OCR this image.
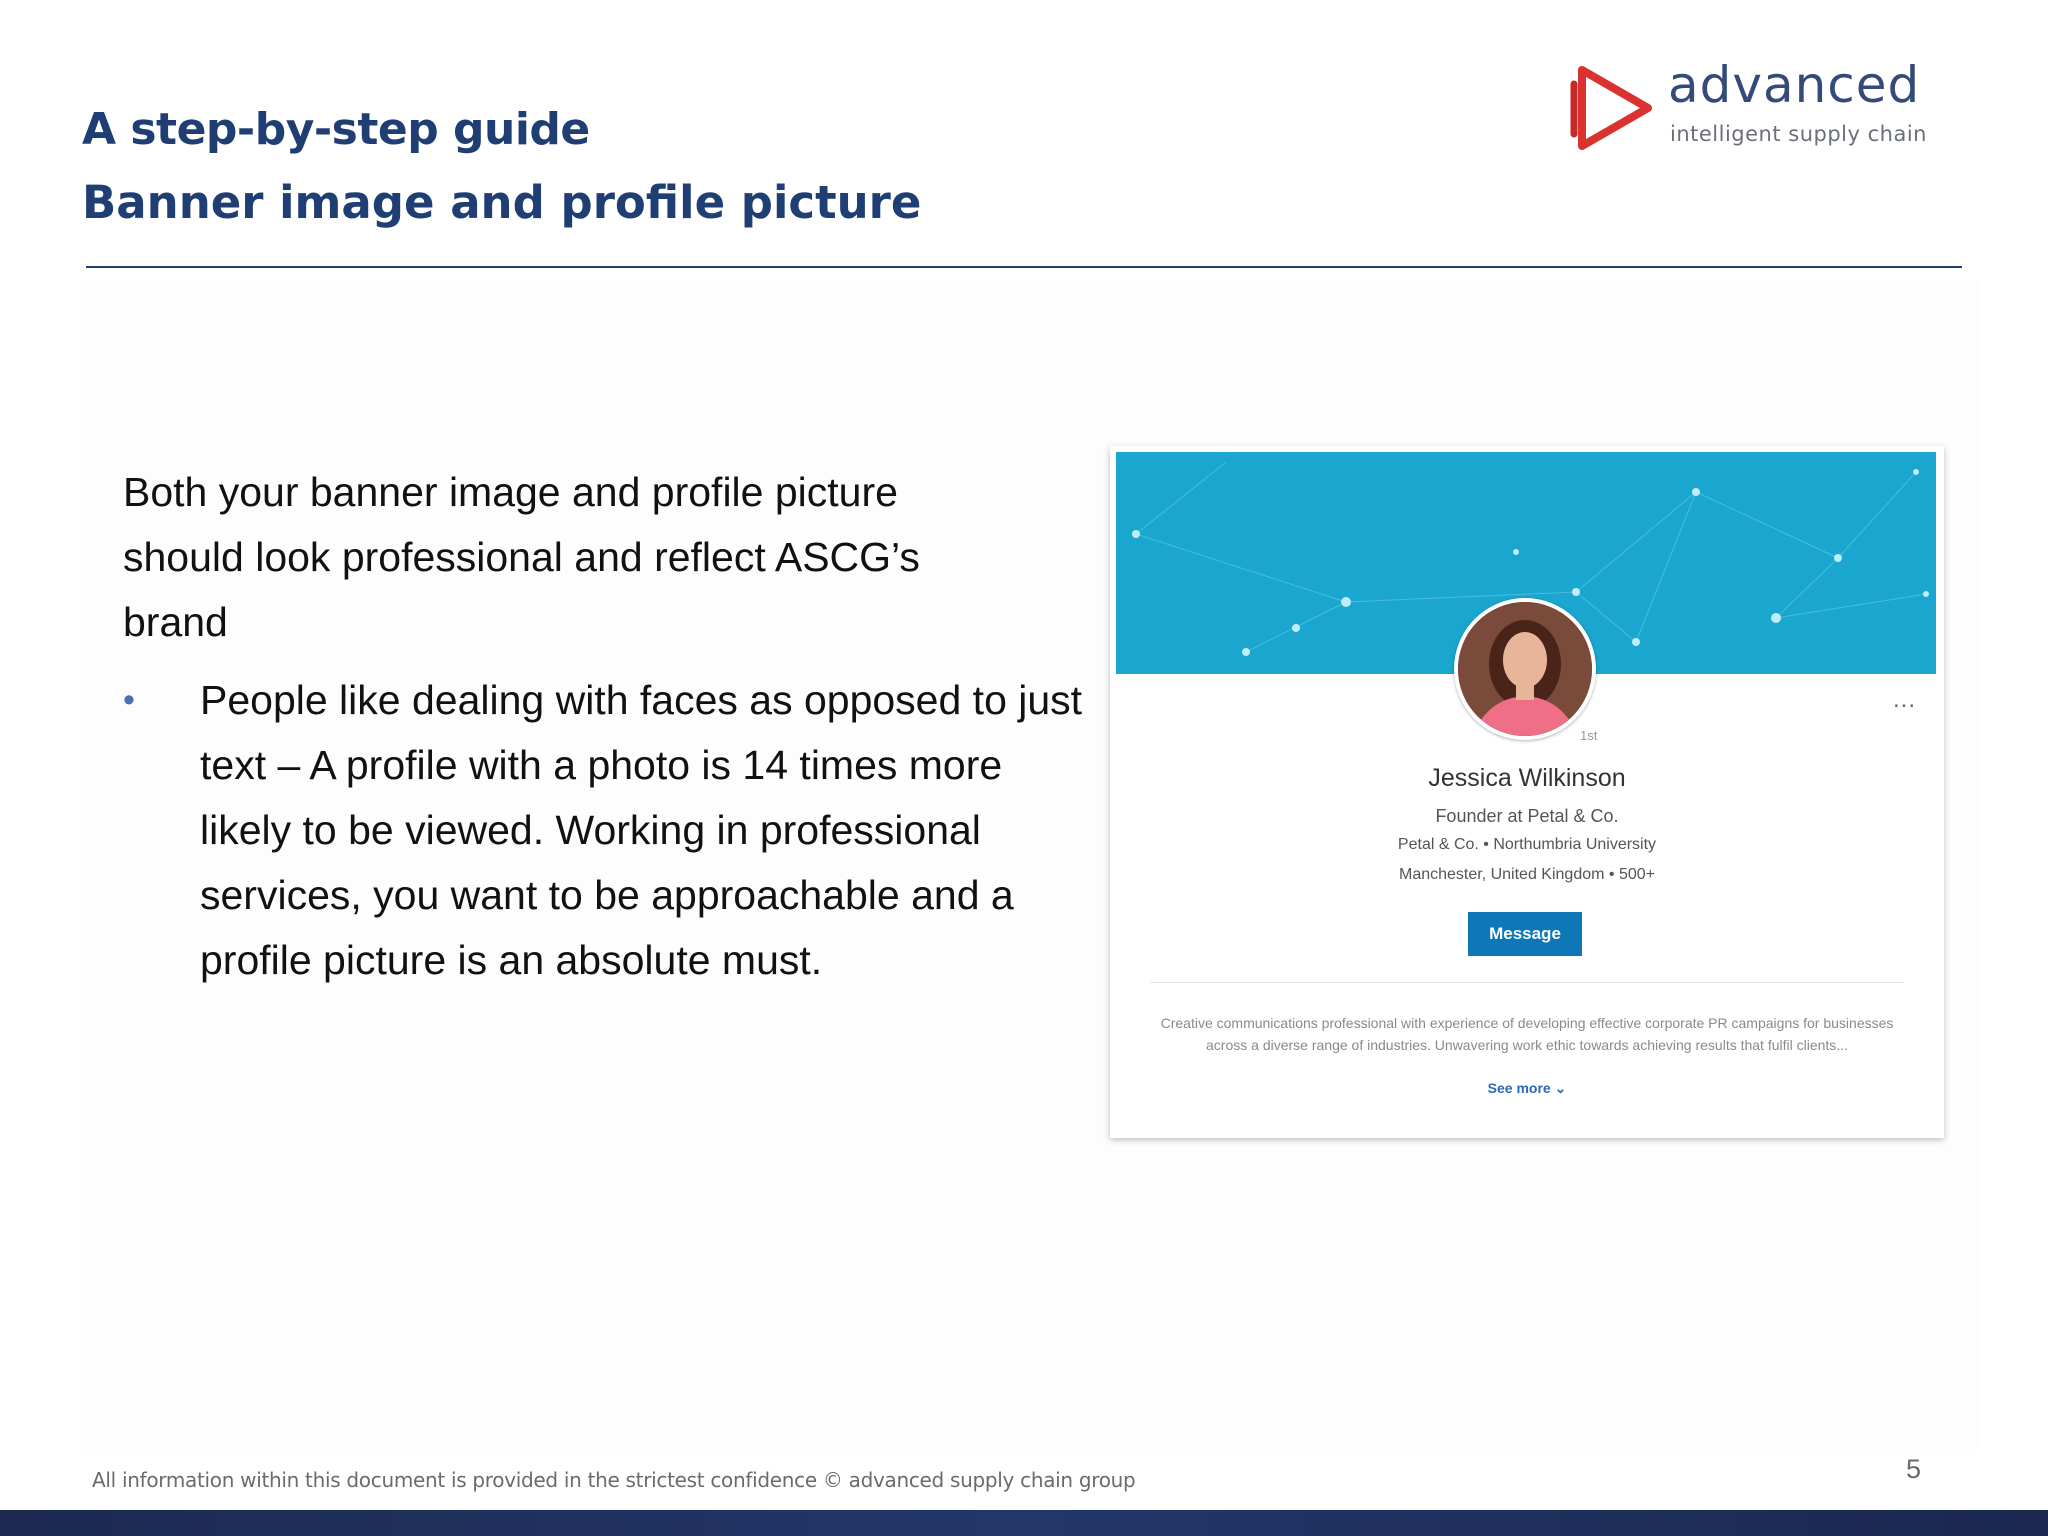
A step-by-step guide
Banner image and profile picture
advanced
intelligent supply chain

Both your banner image and profile picture should look professional and reflect ASCG’s brand

• People like dealing with faces as opposed to just text – A profile with a photo is 14 times more likely to be viewed. Working in professional services, you want to be approachable and a profile picture is an absolute must.

...
1st

Jessica Wilkinson

Founder at Petal & Co.

Petal & Co. • Northumbria University

Manchester, United Kingdom • 500+

Message

Creative communications professional with experience of developing effective corporate PR campaigns for businesses across a diverse range of industries. Unwavering work ethic towards achieving results that fulfil clients...

See more ⌄
All information within this document is provided in the strictest confidence © advanced supply chain group	5
